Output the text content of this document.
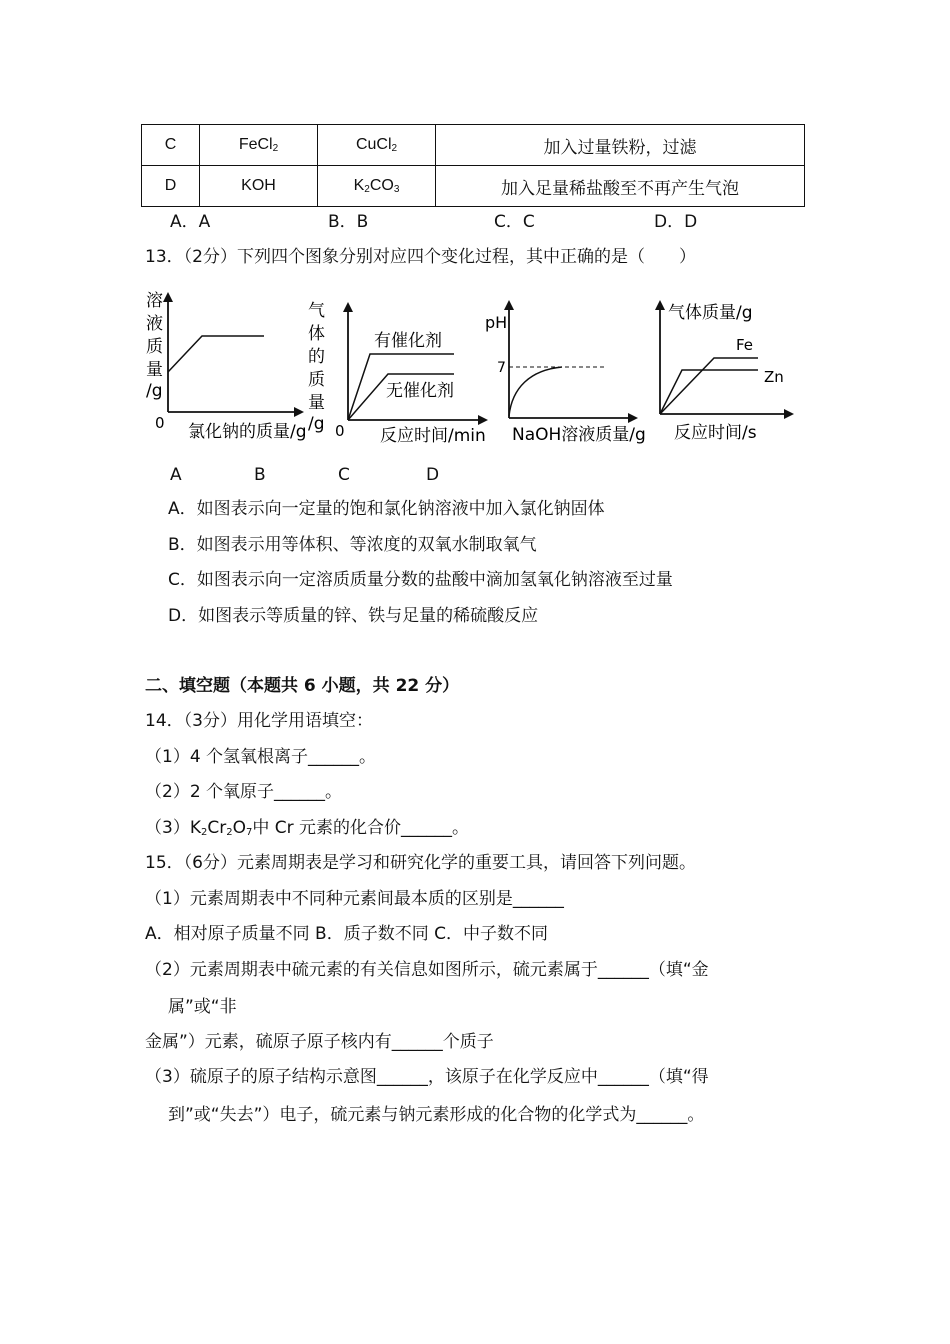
C	FeCl$_2$	CuCl$_2$	加入过量铁粉，过滤
D	KOH	$K_2CO_3$	加入足量稀盐酸至不再产生气泡
A．A	B．B	C．C	D．D
13．（2分）下列四个图象分别对应四个变化过程，其中正确的是（　　）
溶
液
质
量
/g
0 氯化钠的质量/g
气
体
的
质
量
/g
有催化剂
无催化剂
0 反应时间/min
pH
7
NaOH溶液质量/g
气体质量/g
Fe
Zn
反应时间/s
A	B	C	D
A．如图表示向一定量的饱和氯化钠溶液中加入氯化钠固体
B．如图表示用等体积、等浓度的双氧水制取氧气
C．如图表示向一定溶质质量分数的盐酸中滴加氢氧化钠溶液至过量
D．如图表示等质量的锌、铁与足量的稀硫酸反应
二、填空题（本题共 6 小题，共 22 分）
14．（3分）用化学用语填空：
（1）4 个氢氧根离子______。
（2）2 个氧原子______。
$(3)K_2Cr_2O_7$中 Cr 元素的化合价______。
15．（6分）元素周期表是学习和研究化学的重要工具，请回答下列问题。
（1）元素周期表中不同种元素间最本质的区别是______
A．相对原子质量不同 B．质子数不同 C．中子数不同
（2）元素周期表中硫元素的有关信息如图所示，硫元素属于______（填“金
属”或“非
金属”）元素，硫原子原子核内有______个质子
（3）硫原子的原子结构示意图______，该原子在化学反应中______（填“得
到”或“失去”）电子，硫元素与钠元素形成的化合物的化学式为______。
